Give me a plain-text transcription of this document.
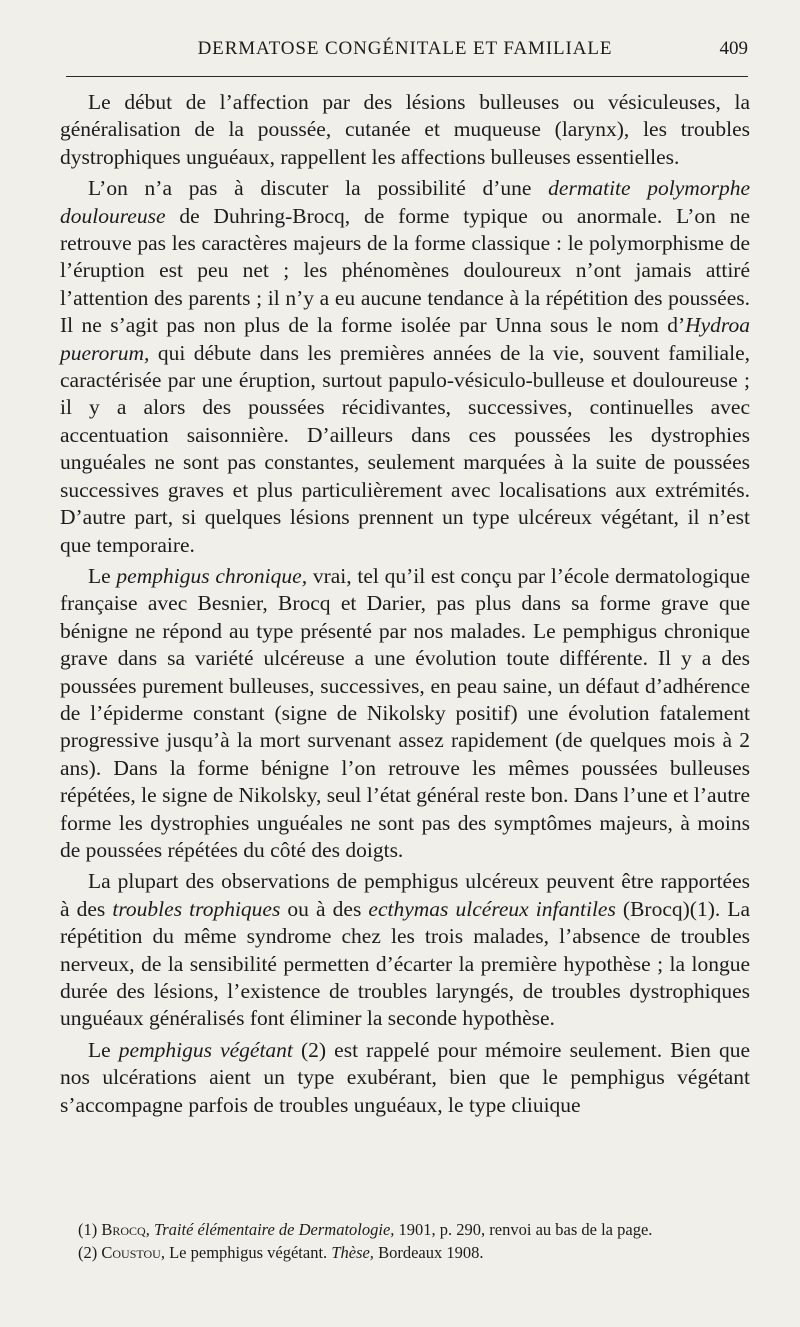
DERMATOSE CONGÉNITALE ET FAMILIALE	409

Le début de l’affection par des lésions bulleuses ou vésiculeuses, la généralisation de la poussée, cutanée et muqueuse (larynx), les troubles dystrophiques unguéaux, rappellent les affections bulleuses essentielles.

L’on n’a pas à discuter la possibilité d’une dermatite polymorphe douloureuse de Duhring-Brocq, de forme typique ou anormale. L’on ne retrouve pas les caractères majeurs de la forme classique : le polymorphisme de l’éruption est peu net ; les phénomènes douloureux n’ont jamais attiré l’attention des parents ; il n’y a eu aucune tendance à la répétition des poussées. Il ne s’agit pas non plus de la forme isolée par Unna sous le nom d’Hydroa puerorum, qui débute dans les premières années de la vie, souvent familiale, caractérisée par une éruption, surtout papulo-vésiculo-bulleuse et douloureuse ; il y a alors des poussées récidivantes, successives, continuelles avec accentuation saisonnière. D’ailleurs dans ces poussées les dystrophies unguéales ne sont pas constantes, seulement marquées à la suite de poussées successives graves et plus particulièrement avec localisations aux extrémités. D’autre part, si quelques lésions prennent un type ulcéreux végétant, il n’est que temporaire.

Le pemphigus chronique, vrai, tel qu’il est conçu par l’école dermatologique française avec Besnier, Brocq et Darier, pas plus dans sa forme grave que bénigne ne répond au type présenté par nos malades. Le pemphigus chronique grave dans sa variété ulcéreuse a une évolution toute différente. Il y a des poussées purement bulleuses, successives, en peau saine, un défaut d’adhérence de l’épiderme constant (signe de Nikolsky positif) une évolution fatalement progressive jusqu’à la mort survenant assez rapidement (de quelques mois à 2 ans). Dans la forme bénigne l’on retrouve les mêmes poussées bulleuses répétées, le signe de Nikolsky, seul l’état général reste bon. Dans l’une et l’autre forme les dystrophies unguéales ne sont pas des symptômes majeurs, à moins de poussées répétées du côté des doigts.

La plupart des observations de pemphigus ulcéreux peuvent être rapportées à des troubles trophiques ou à des ecthymas ulcéreux infantiles (Brocq)(1). La répétition du même syndrome chez les trois malades, l’absence de troubles nerveux, de la sensibilité permetten d’écarter la première hypothèse ; la longue durée des lésions, l’existence de troubles laryngés, de troubles dystrophiques unguéaux généralisés font éliminer la seconde hypothèse.

Le pemphigus végétant (2) est rappelé pour mémoire seulement. Bien que nos ulcérations aient un type exubérant, bien que le pemphigus végétant s’accompagne parfois de troubles unguéaux, le type cliuique

(1) Brocq, Traité élémentaire de Dermatologie, 1901, p. 290, renvoi au bas de la page.

(2) Coustou, Le pemphigus végétant. Thèse, Bordeaux 1908.
